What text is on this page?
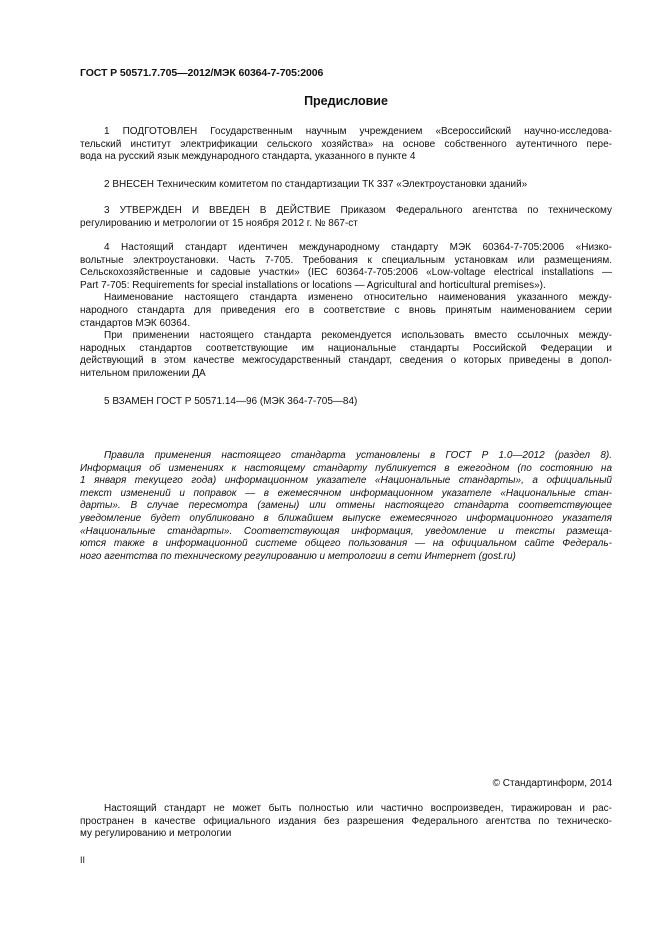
ГОСТ Р 50571.7.705—2012/МЭК 60364-7-705:2006
Предисловие
1 ПОДГОТОВЛЕН Государственным научным учреждением «Всероссийский научно-исследова-
тельский институт электрификации сельского хозяйства» на основе собственного аутентичного пере-
вода на русский язык международного стандарта, указанного в пункте 4
2 ВНЕСЕН Техническим комитетом по стандартизации ТК 337 «Электроустановки зданий»
3 УТВЕРЖДЕН И ВВЕДЕН В ДЕЙСТВИЕ Приказом Федерального агентства по техническому
регулированию и метрологии от 15 ноября 2012 г. № 867-ст
4 Настоящий стандарт идентичен международному стандарту МЭК 60364-7-705:2006 «Низко-
вольтные электроустановки. Часть 7-705. Требования к специальным установкам или размещениям.
Сельскохозяйственные и садовые участки» (IEC 60364-7-705:2006 «Low-voltage electrical installations —
Part 7-705: Requirements for special installations or locations — Agricultural and horticultural premises»).
Наименование настоящего стандарта изменено относительно наименования указанного между-
народного стандарта для приведения его в соответствие с вновь принятым наименованием серии
стандартов МЭК 60364.
При применении настоящего стандарта рекомендуется использовать вместо ссылочных между-
народных стандартов соответствующие им национальные стандарты Российской Федерации и
действующий в этом качестве межгосударственный стандарт, сведения о которых приведены в допол-
нительном приложении ДА
5 ВЗАМЕН ГОСТ Р 50571.14—96 (МЭК 364-7-705—84)
Правила применения настоящего стандарта установлены в ГОСТ Р 1.0—2012 (раздел 8).
Информация об изменениях к настоящему стандарту публикуется в ежегодном (по состоянию на
1 января текущего года) информационном указателе «Национальные стандарты», а официальный
текст изменений и поправок — в ежемесячном информационном указателе «Национальные стан-
дарты». В случае пересмотра (замены) или отмены настоящего стандарта соответствующее
уведомление будет опубликовано в ближайшем выпуске ежемесячного информационного указателя
«Национальные стандарты». Соответствующая информация, уведомление и тексты размеща-
ются также в информационной системе общего пользования — на официальном сайте Федераль-
ного агентства по техническому регулированию и метрологии в сети Интернет (gost.ru)
© Стандартинформ, 2014
Настоящий стандарт не может быть полностью или частично воспроизведен, тиражирован и рас-
пространен в качестве официального издания без разрешения Федерального агентства по техническо-
му регулированию и метрологии
II
